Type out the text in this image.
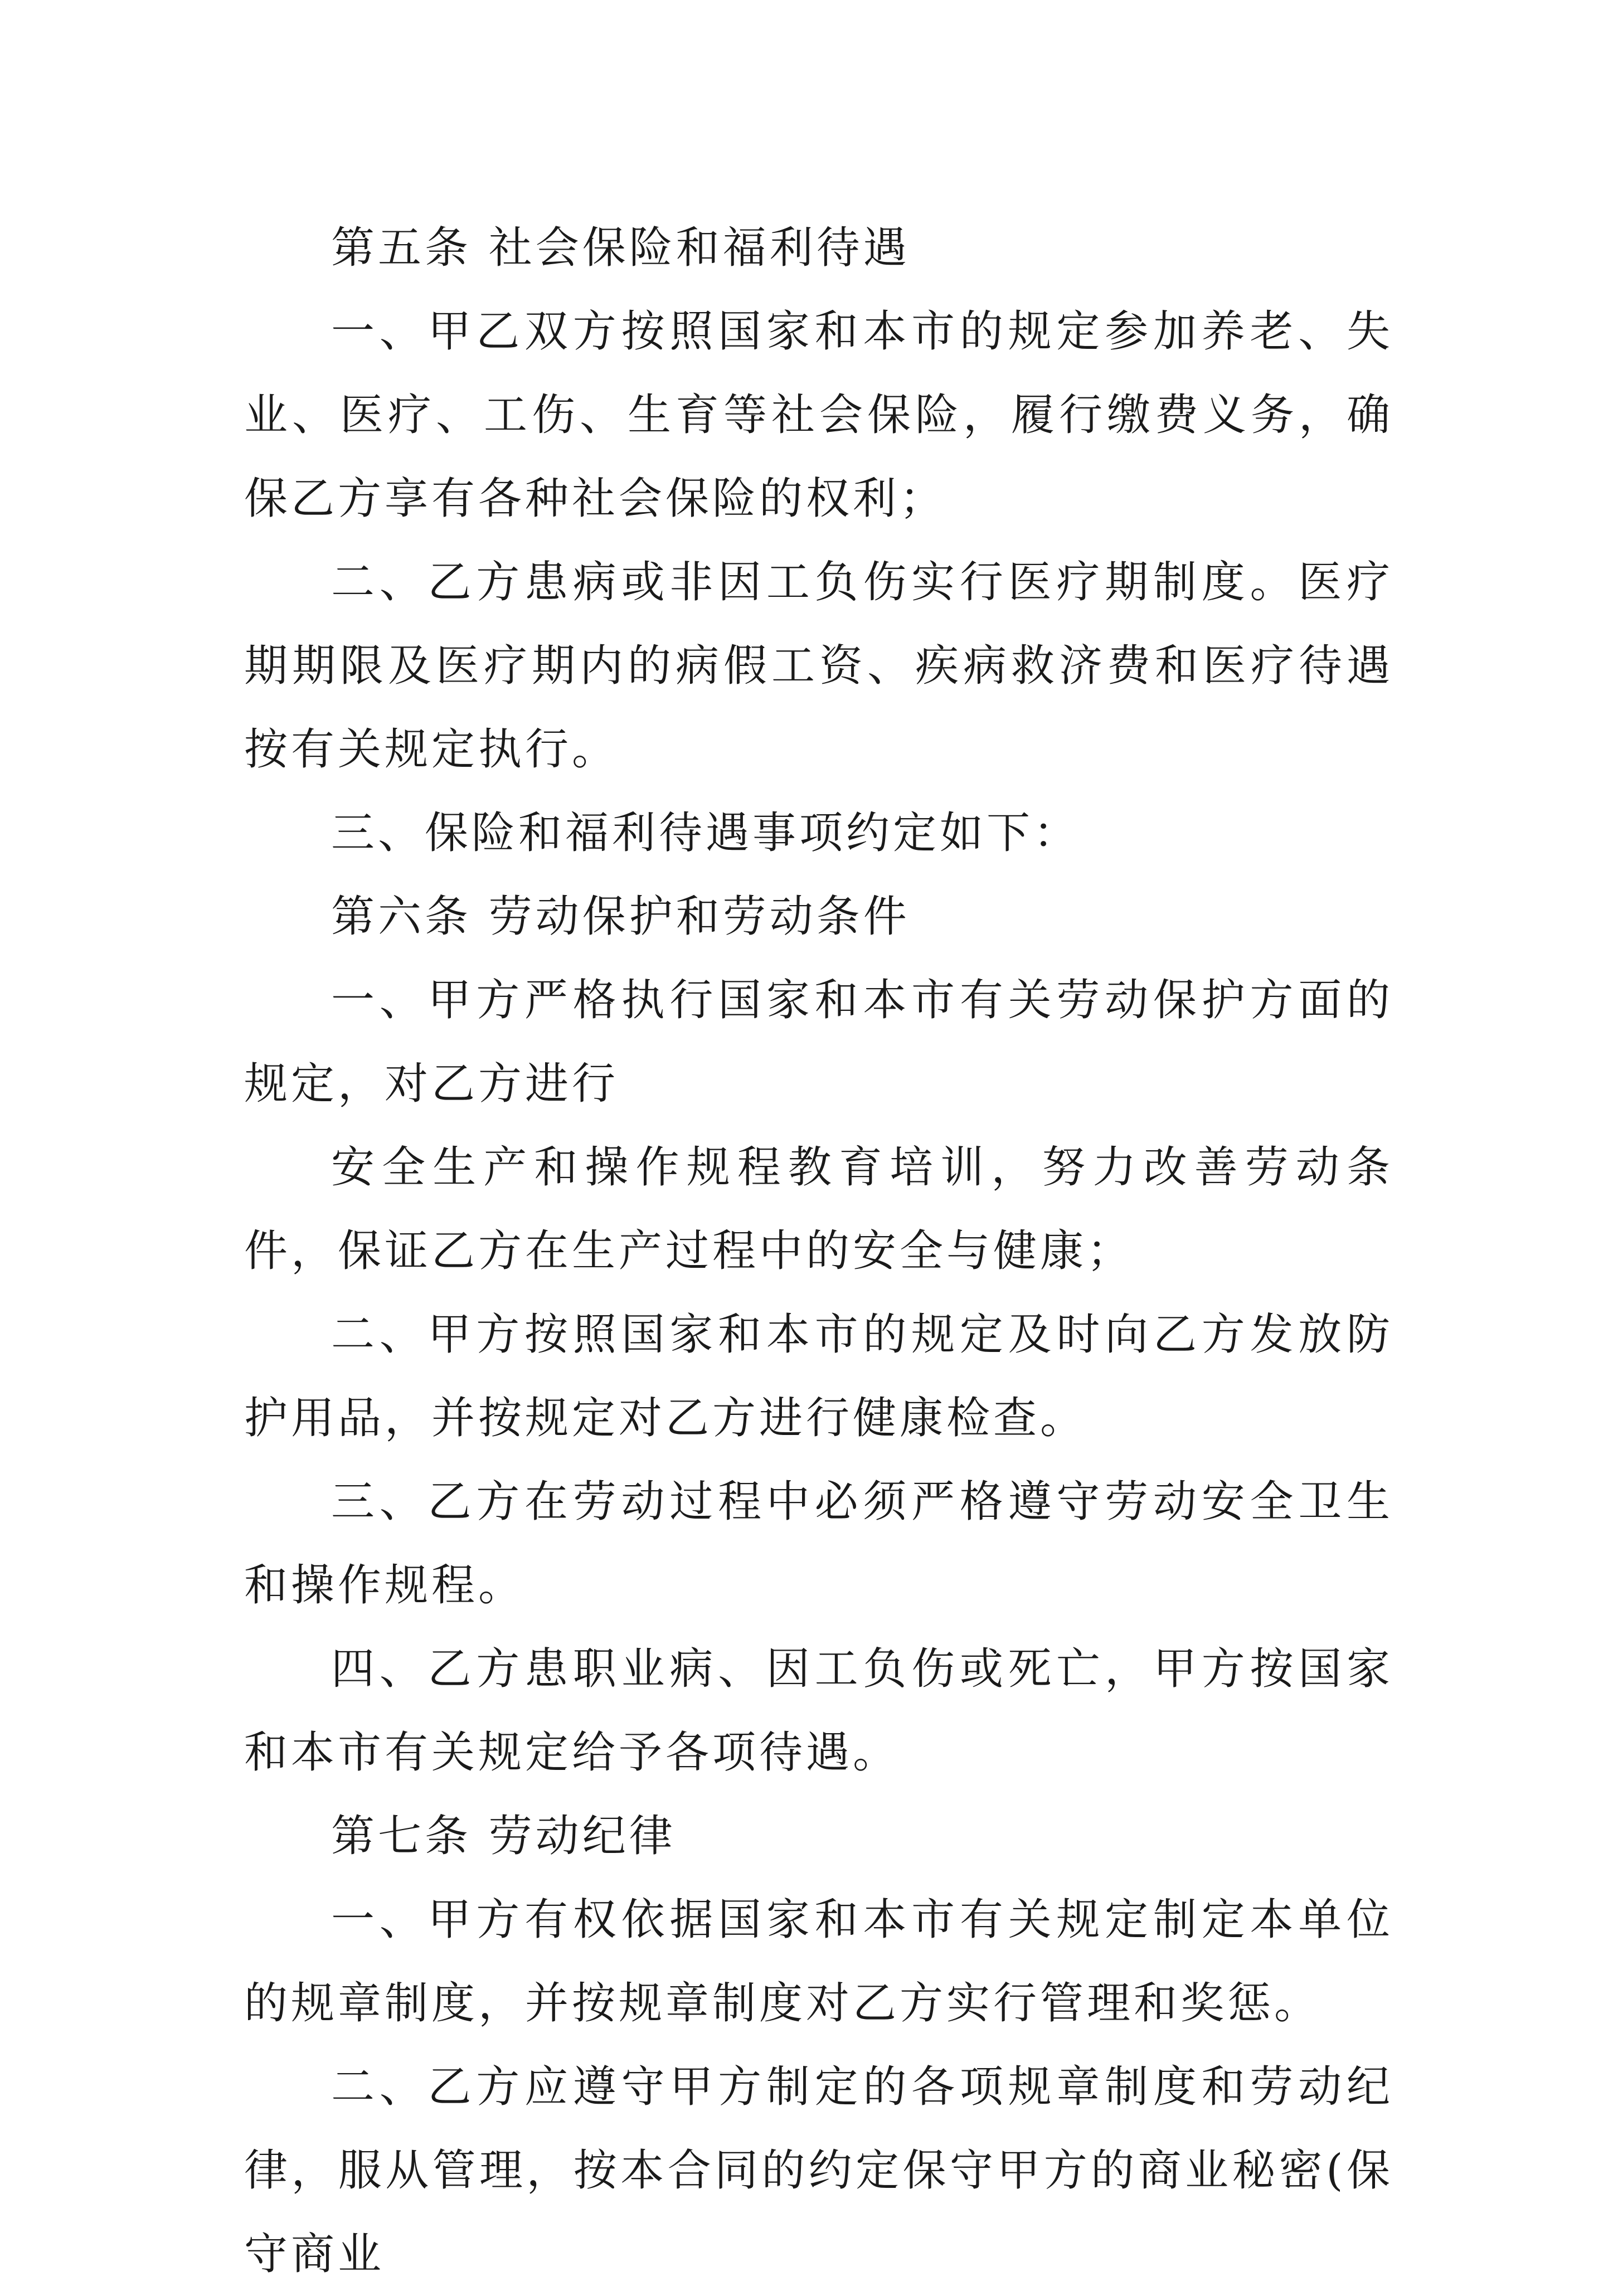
第五条 社会保险和福利待遇

一、甲乙双方按照国家和本市的规定参加养老、失业、医疗、工伤、生育等社会保险，履行缴费义务，确保乙方享有各种社会保险的权利；

二、乙方患病或非因工负伤实行医疗期制度。医疗期期限及医疗期内的病假工资、疾病救济费和医疗待遇按有关规定执行。

三、保险和福利待遇事项约定如下：

第六条 劳动保护和劳动条件

一、甲方严格执行国家和本市有关劳动保护方面的规定，对乙方进行

安全生产和操作规程教育培训，努力改善劳动条件，保证乙方在生产过程中的安全与健康；

二、甲方按照国家和本市的规定及时向乙方发放防护用品，并按规定对乙方进行健康检查。

三、乙方在劳动过程中必须严格遵守劳动安全卫生和操作规程。

四、乙方患职业病、因工负伤或死亡，甲方按国家和本市有关规定给予各项待遇。

第七条 劳动纪律

一、甲方有权依据国家和本市有关规定制定本单位的规章制度，并按规章制度对乙方实行管理和奖惩。

二、乙方应遵守甲方制定的各项规章制度和劳动纪律，服从管理，按本合同的约定保守甲方的商业秘密(保守商业
